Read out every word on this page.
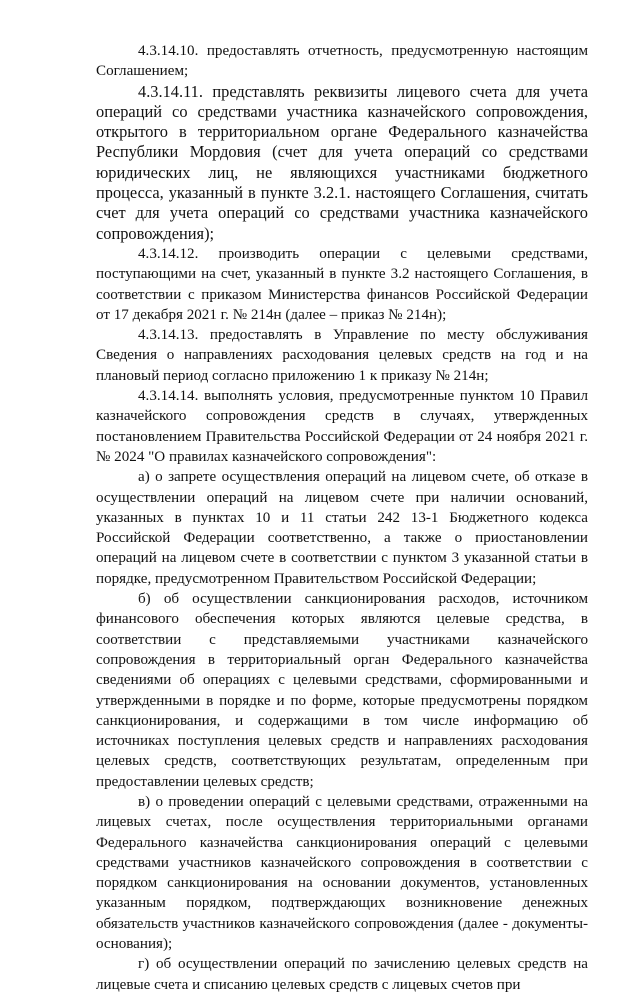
4.3.14.10. предоставлять отчетность, предусмотренную настоящим Соглашением;

4.3.14.11. представлять реквизиты лицевого счета для учета операций со средствами участника казначейского сопровождения, открытого в территориальном органе Федерального казначейства Республики Мордовия (счет для учета операций со средствами юридических лиц, не являющихся участниками бюджетного процесса, указанный в пункте 3.2.1. настоящего Соглашения, считать счет для учета операций со средствами участника казначейского сопровождения);

4.3.14.12. производить операции с целевыми средствами, поступающими на счет, указанный в пункте 3.2 настоящего Соглашения, в соответствии с приказом Министерства финансов Российской Федерации от 17 декабря 2021 г. № 214н (далее – приказ № 214н);

4.3.14.13. предоставлять в Управление по месту обслуживания Сведения о направлениях расходования целевых средств на год и на плановый период согласно приложению 1 к приказу № 214н;

4.3.14.14. выполнять условия, предусмотренные пунктом 10 Правил казначейского сопровождения средств в случаях, утвержденных постановлением Правительства Российской Федерации от 24 ноября 2021 г. № 2024 "О правилах казначейского сопровождения":

а) о запрете осуществления операций на лицевом счете, об отказе в осуществлении операций на лицевом счете при наличии оснований, указанных в пунктах 10 и 11 статьи 242 13-1 Бюджетного кодекса Российской Федерации соответственно, а также о приостановлении операций на лицевом счете в соответствии с пунктом 3 указанной статьи в порядке, предусмотренном Правительством Российской Федерации;

б) об осуществлении санкционирования расходов, источником финансового обеспечения которых являются целевые средства, в соответствии с представляемыми участниками казначейского сопровождения в территориальный орган Федерального казначейства сведениями об операциях с целевыми средствами, сформированными и утвержденными в порядке и по форме, которые предусмотрены порядком санкционирования, и содержащими в том числе информацию об источниках поступления целевых средств и направлениях расходования целевых средств, соответствующих результатам, определенным при предоставлении целевых средств;

в) о проведении операций с целевыми средствами, отраженными на лицевых счетах, после осуществления территориальными органами Федерального казначейства санкционирования операций с целевыми средствами участников казначейского сопровождения в соответствии с порядком санкционирования на основании документов, установленных указанным порядком, подтверждающих возникновение денежных обязательств участников казначейского сопровождения (далее - документы-основания);

г) об осуществлении операций по зачислению целевых средств на лицевые счета и списанию целевых средств с лицевых счетов при
